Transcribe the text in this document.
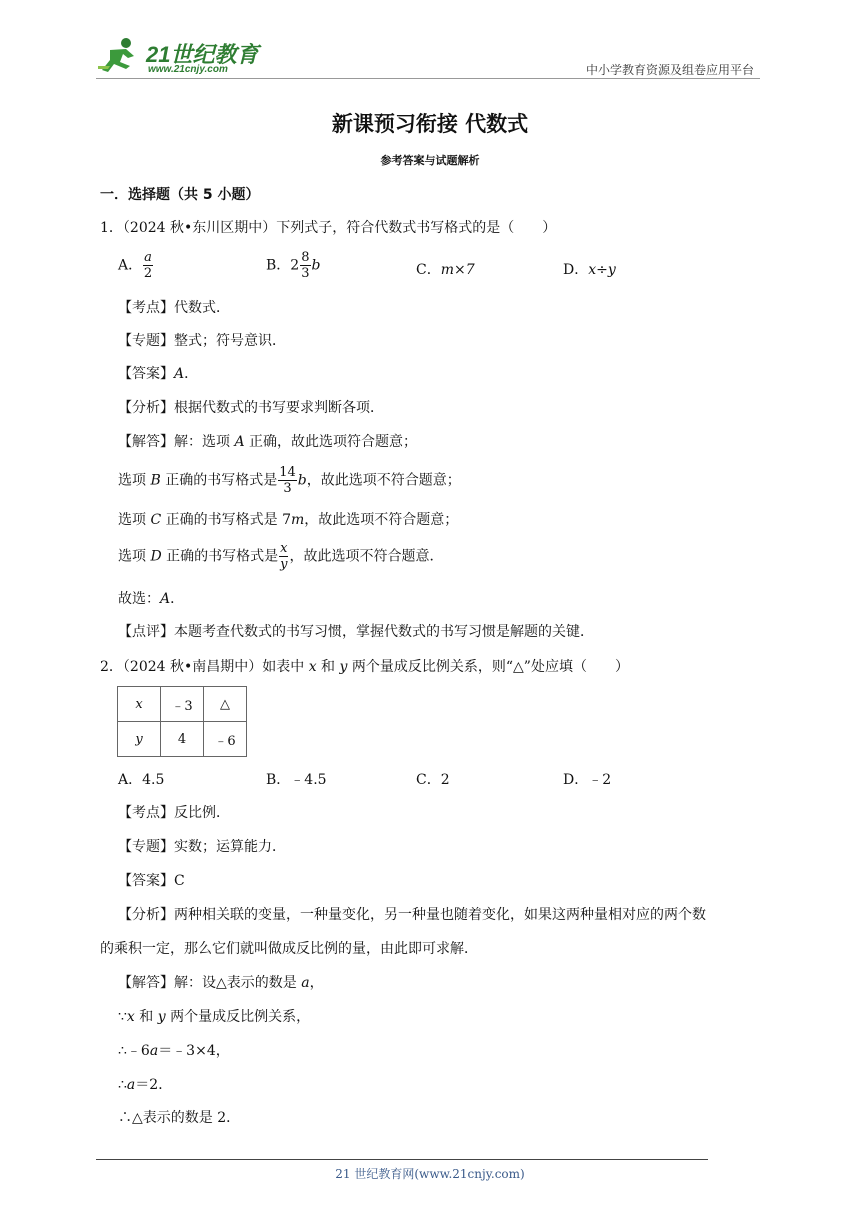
21世纪教育
www.21cnjy.com	中小学教育资源及组卷应用平台
新课预习衔接 代数式
参考答案与试题解析
一．选择题（共 5 小题）
1．（2024 秋•东川区期中）下列式子，符合代数式书写格式的是（　　）
A． $\frac{a}{2}$	B．$2 \frac{8}{3}$ b	C．m×7	D．x÷y
【考点】代数式．
【专题】整式；符号意识．
【答案】A．
【分析】根据代数式的书写要求判断各项．
【解答】解：选项 A 正确，故此选项符合题意；
选项 B 正确的书写格式是 $\frac{14}{3}$ b，故此选项不符合题意；
选项 C 正确的书写格式是 7m，故此选项不符合题意；
选项 D 正确的书写格式是 $\frac{x}{y}$ ，故此选项不符合题意．
故选：A．
【点评】本题考查代数式的书写习惯，掌握代数式的书写习惯是解题的关键．
2．（2024 秋•南昌期中）如表中 x 和 y 两个量成反比例关系，则“△”处应填（　　）
x	﹣3	△
y	4	﹣6
A．4.5	B．﹣4.5	C．2	D．﹣2
【考点】反比例．
【专题】实数；运算能力．
【答案】C
【分析】两种相关联的变量，一种量变化，另一种量也随着变化，如果这两种量相对应的两个数
的乘积一定，那么它们就叫做成反比例的量，由此即可求解．
【解答】解：设△表示的数是 a，
∵x 和 y 两个量成反比例关系，
∴﹣6a＝﹣3×4，
∴a＝2．
∴△表示的数是 2．
21 世纪教育网(www.21cnjy.com)
